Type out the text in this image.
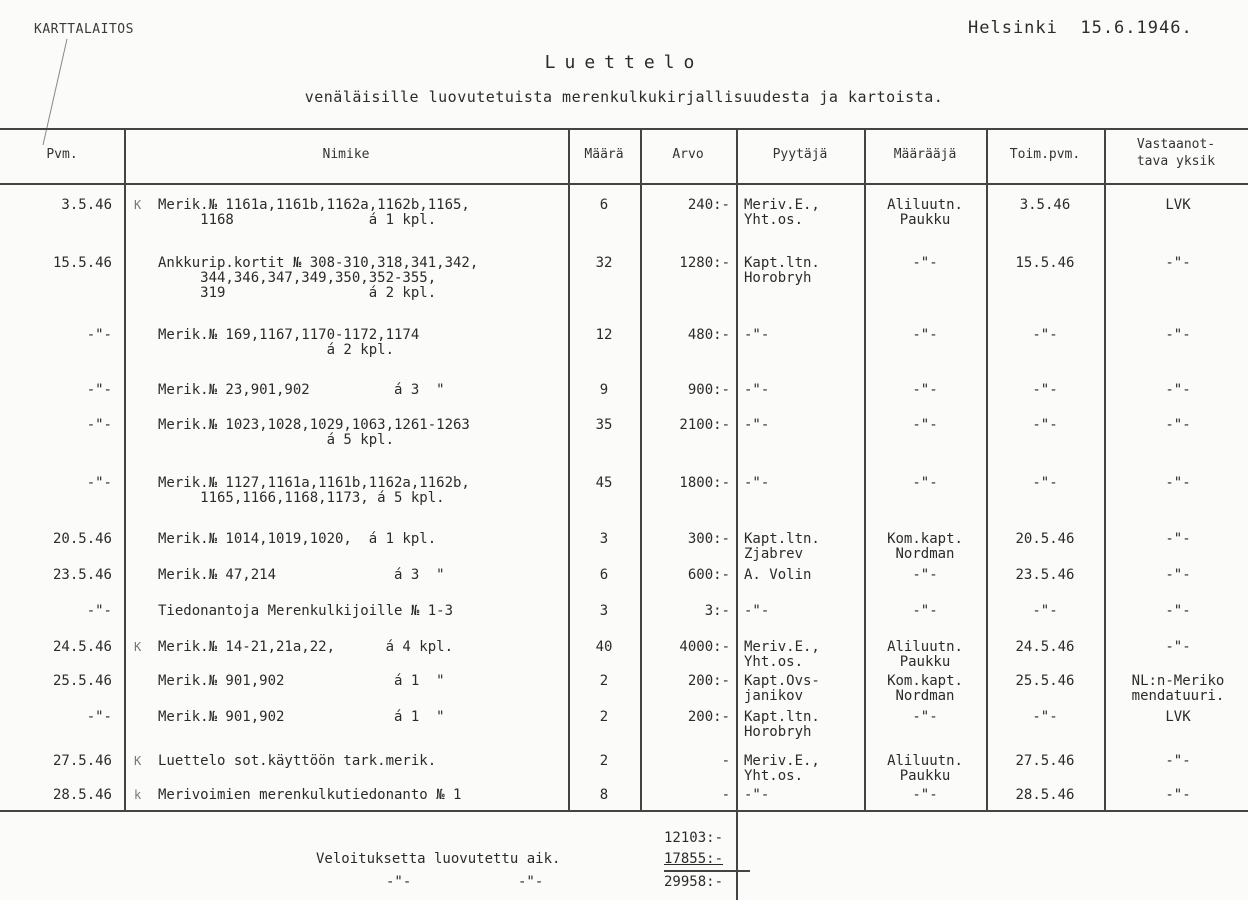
KARTTALAITOS	Helsinki  15.6.1946.
Luettelo
venäläisille luovutetuista merenkulkukirjallisuudesta ja kartoista.
Pvm.	Nimike	Määrä	Arvo	Pyytäjä	Määrääjä	Toim.pvm.
Vastaanot-
tava yksik
3.5.46	Merik.№ 1161a,1161b,1162a,1162b,1165,
1168                á 1 kpl.
6	240:- Meriv.E.,
Yht.os.
Aliluutn.
Paukku
3.5.46	LVK
K
15.5.46	Ankkurip.kortit № 308-310,318,341,342,
344,346,347,349,350,352-355,
319                 á 2 kpl.
32	1280:- Kapt.ltn.
Horobryh
-"-	15.5.46	-"-
-"-	Merik.№ 169,1167,1170-1172,1174
á 2 kpl.
12	480:- -"-	-"-	-"-	-"-
-"-	Merik.№ 23,901,902          á 3  "	9	900:- -"-	-"-	-"-	-"-
-"-	Merik.№ 1023,1028,1029,1063,1261-1263
á 5 kpl.
35	2100:- -"-	-"-	-"-	-"-
-"-	Merik.№ 1127,1161a,1161b,1162a,1162b,
1165,1166,1168,1173, á 5 kpl.
45	1800:- -"-	-"-	-"-	-"-
20.5.46	Merik.№ 1014,1019,1020,  á 1 kpl.	3	300:- Kapt.ltn.
Zjabrev
Kom.kapt.
Nordman
20.5.46	-"-
23.5.46	Merik.№ 47,214              á 3  "	6	600:- A. Volin	-"-	23.5.46	-"-
-"-	Tiedonantoja Merenkulkijoille № 1-3	3	3:- -"-	-"-	-"-	-"-
24.5.46	Merik.№ 14-21,21a,22,      á 4 kpl.	40	4000:- Meriv.E.,
Yht.os.
Aliluutn.
Paukku
24.5.46	-"-
K
25.5.46	Merik.№ 901,902             á 1  "	2	200:- Kapt.Ovs-
janikov
Kom.kapt.
Nordman
25.5.46	NL:n-Meriko
mendatuuri.
-"-	Merik.№ 901,902             á 1  "	2	200:- Kapt.ltn.
Horobryh
-"-	-"-	LVK
27.5.46	Luettelo sot.käyttöön tark.merik.	2	- Meriv.E.,
Yht.os.
Aliluutn.
Paukku
27.5.46	-"-
K
28.5.46	Merivoimien merenkulkutiedonanto № 1	8	- -"-	-"-	28.5.46	-"-
k
12103:-
Veloituksetta luovutettu aik.	17855:-
-"-	-"-	29958:-
